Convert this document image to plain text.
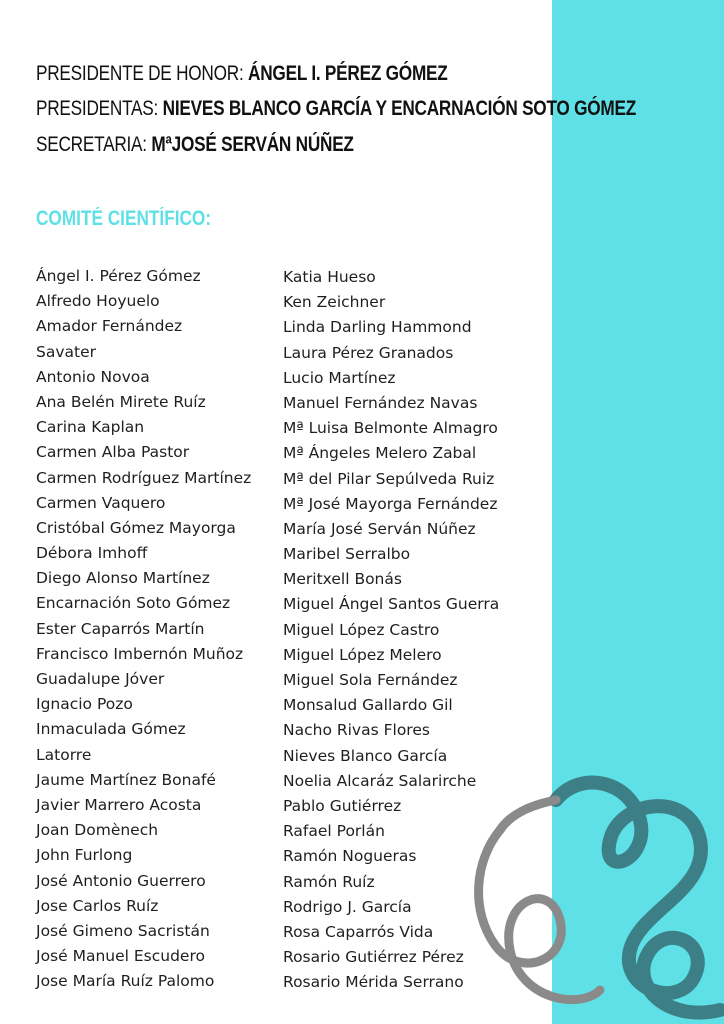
PRESIDENTE DE HONOR: ÁNGEL I. PÉREZ GÓMEZ
PRESIDENTAS: NIEVES BLANCO GARCÍA Y ENCARNACIÓN SOTO GÓMEZ
SECRETARIA: MªJOSÉ SERVÁN NÚÑEZ
COMITÉ CIENTÍFICO:
Ángel I. Pérez Gómez
Alfredo Hoyuelo
Amador Fernández
Savater
Antonio Novoa
Ana Belén Mirete Ruíz
Carina Kaplan
Carmen Alba Pastor
Carmen Rodríguez Martínez
Carmen Vaquero
Cristóbal Gómez Mayorga
Débora Imhoff
Diego Alonso Martínez
Encarnación Soto Gómez
Ester Caparrós Martín
Francisco Imbernón Muñoz
Guadalupe Jóver
Ignacio Pozo
Inmaculada Gómez
Latorre
Jaume Martínez Bonafé
Javier Marrero Acosta
Joan Domènech
John Furlong
José Antonio Guerrero
Jose Carlos Ruíz
José Gimeno Sacristán
José Manuel Escudero
Jose María Ruíz Palomo
Katia Hueso
Ken Zeichner
Linda Darling Hammond
Laura Pérez Granados
Lucio Martínez
Manuel Fernández Navas
Mª Luisa Belmonte Almagro
Mª Ángeles Melero Zabal
Mª del Pilar Sepúlveda Ruiz
Mª José Mayorga Fernández
María José Serván Núñez
Maribel Serralbo
Meritxell Bonás
Miguel Ángel Santos Guerra
Miguel López Castro
Miguel López Melero
Miguel Sola Fernández
Monsalud Gallardo Gil
Nacho Rivas Flores
Nieves Blanco García
Noelia Alcaráz Salarirche
Pablo Gutiérrez
Rafael Porlán
Ramón Nogueras
Ramón Ruíz
Rodrigo J. García
Rosa Caparrós Vida
Rosario Gutiérrez Pérez
Rosario Mérida Serrano
